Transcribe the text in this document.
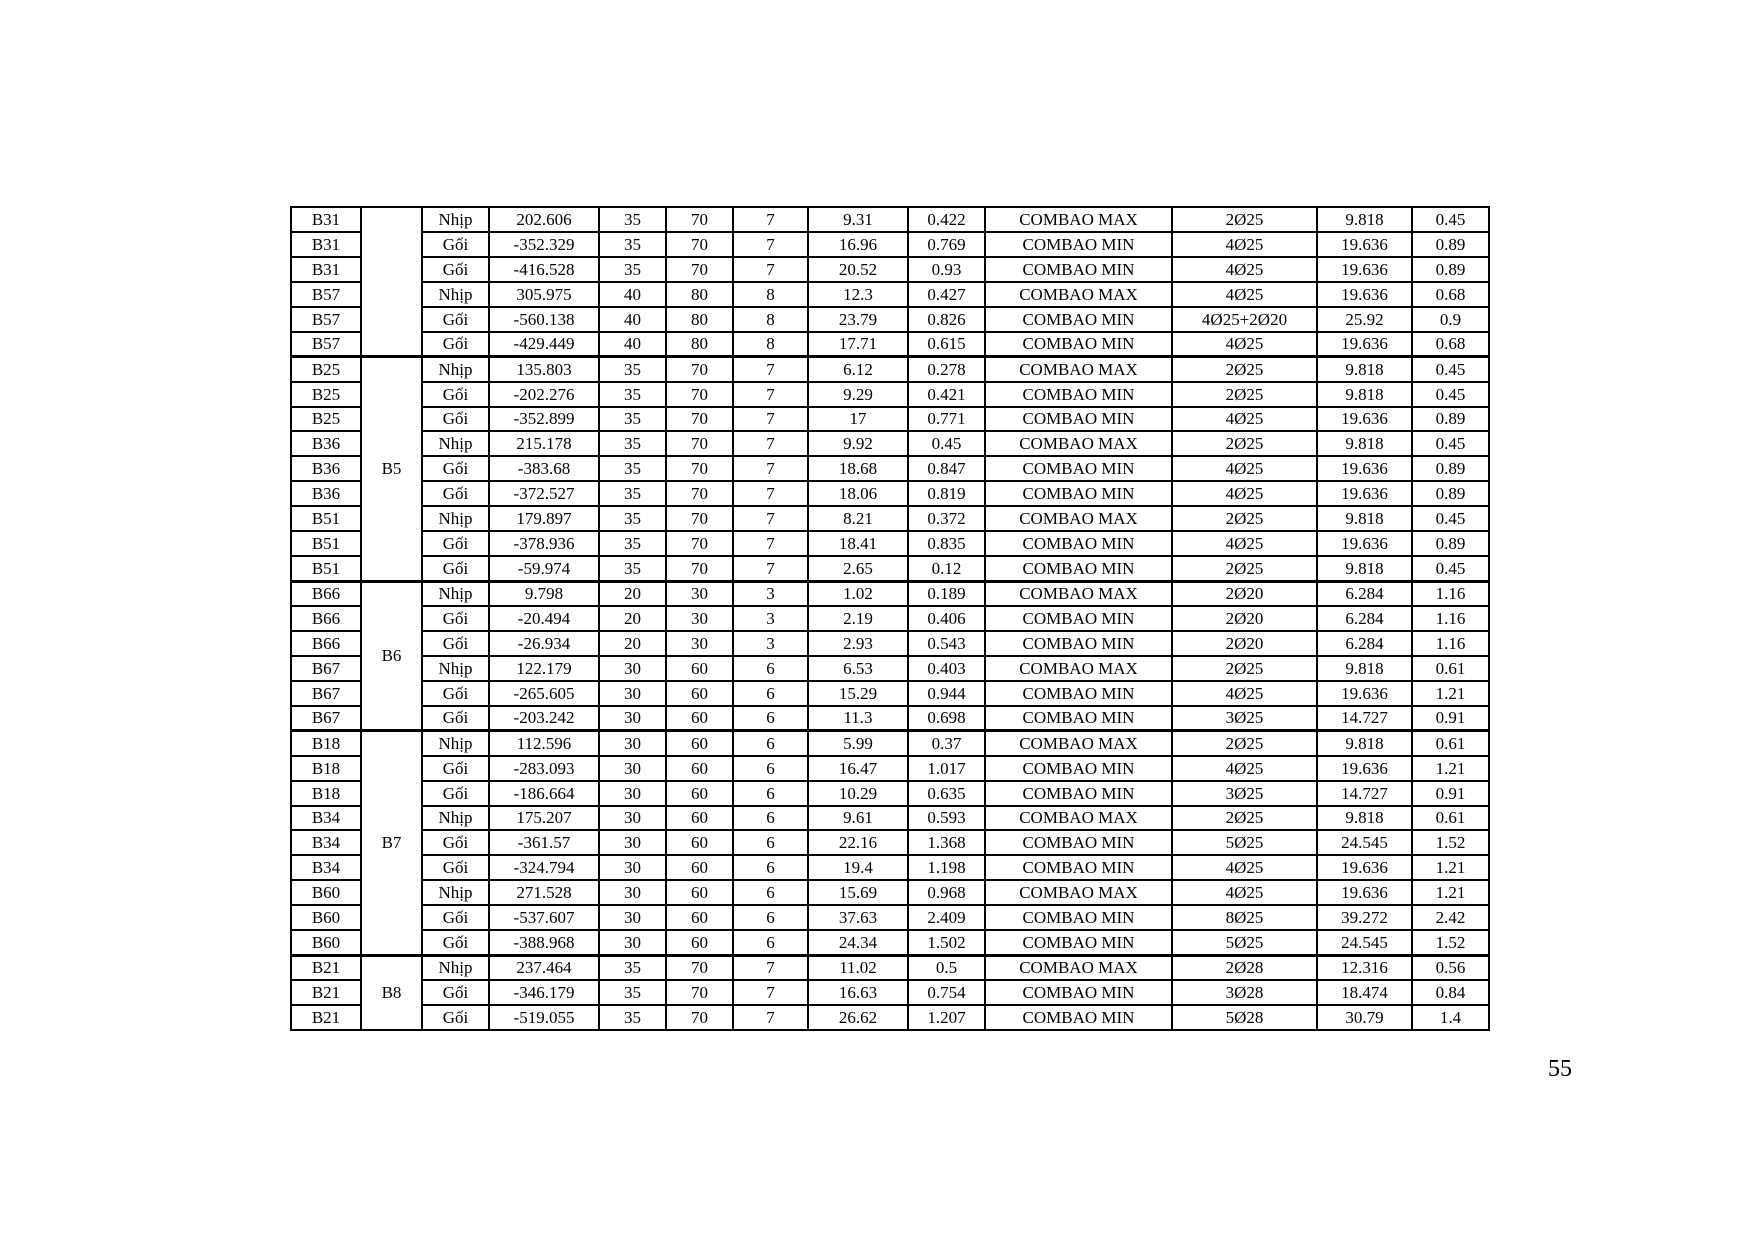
B31		Nhịp	202.606	35	70	7	9.31	0.422	COMBAO MAX	2Ø25	9.818	0.45
B31		Gối	-352.329	35	70	7	16.96	0.769	COMBAO MIN	4Ø25	19.636	0.89
B31		Gối	-416.528	35	70	7	20.52	0.93	COMBAO MIN	4Ø25	19.636	0.89
B57		Nhịp	305.975	40	80	8	12.3	0.427	COMBAO MAX	4Ø25	19.636	0.68
B57		Gối	-560.138	40	80	8	23.79	0.826	COMBAO MIN	4Ø25+2Ø20	25.92	0.9
B57		Gối	-429.449	40	80	8	17.71	0.615	COMBAO MIN	4Ø25	19.636	0.68
B25	B5	Nhịp	135.803	35	70	7	6.12	0.278	COMBAO MAX	2Ø25	9.818	0.45
B25		Gối	-202.276	35	70	7	9.29	0.421	COMBAO MIN	2Ø25	9.818	0.45
B25		Gối	-352.899	35	70	7	17	0.771	COMBAO MIN	4Ø25	19.636	0.89
B36		Nhịp	215.178	35	70	7	9.92	0.45	COMBAO MAX	2Ø25	9.818	0.45
B36		Gối	-383.68	35	70	7	18.68	0.847	COMBAO MIN	4Ø25	19.636	0.89
B36		Gối	-372.527	35	70	7	18.06	0.819	COMBAO MIN	4Ø25	19.636	0.89
B51		Nhịp	179.897	35	70	7	8.21	0.372	COMBAO MAX	2Ø25	9.818	0.45
B51		Gối	-378.936	35	70	7	18.41	0.835	COMBAO MIN	4Ø25	19.636	0.89
B51		Gối	-59.974	35	70	7	2.65	0.12	COMBAO MIN	2Ø25	9.818	0.45
B66	B6	Nhịp	9.798	20	30	3	1.02	0.189	COMBAO MAX	2Ø20	6.284	1.16
B66		Gối	-20.494	20	30	3	2.19	0.406	COMBAO MIN	2Ø20	6.284	1.16
B66		Gối	-26.934	20	30	3	2.93	0.543	COMBAO MIN	2Ø20	6.284	1.16
B67		Nhịp	122.179	30	60	6	6.53	0.403	COMBAO MAX	2Ø25	9.818	0.61
B67		Gối	-265.605	30	60	6	15.29	0.944	COMBAO MIN	4Ø25	19.636	1.21
B67		Gối	-203.242	30	60	6	11.3	0.698	COMBAO MIN	3Ø25	14.727	0.91
B18	B7	Nhịp	112.596	30	60	6	5.99	0.37	COMBAO MAX	2Ø25	9.818	0.61
B18		Gối	-283.093	30	60	6	16.47	1.017	COMBAO MIN	4Ø25	19.636	1.21
B18		Gối	-186.664	30	60	6	10.29	0.635	COMBAO MIN	3Ø25	14.727	0.91
B34		Nhịp	175.207	30	60	6	9.61	0.593	COMBAO MAX	2Ø25	9.818	0.61
B34		Gối	-361.57	30	60	6	22.16	1.368	COMBAO MIN	5Ø25	24.545	1.52
B34		Gối	-324.794	30	60	6	19.4	1.198	COMBAO MIN	4Ø25	19.636	1.21
B60		Nhịp	271.528	30	60	6	15.69	0.968	COMBAO MAX	4Ø25	19.636	1.21
B60		Gối	-537.607	30	60	6	37.63	2.409	COMBAO MIN	8Ø25	39.272	2.42
B60		Gối	-388.968	30	60	6	24.34	1.502	COMBAO MIN	5Ø25	24.545	1.52
B21	B8	Nhịp	237.464	35	70	7	11.02	0.5	COMBAO MAX	2Ø28	12.316	0.56
B21		Gối	-346.179	35	70	7	16.63	0.754	COMBAO MIN	3Ø28	18.474	0.84
B21		Gối	-519.055	35	70	7	26.62	1.207	COMBAO MIN	5Ø28	30.79	1.4
55
